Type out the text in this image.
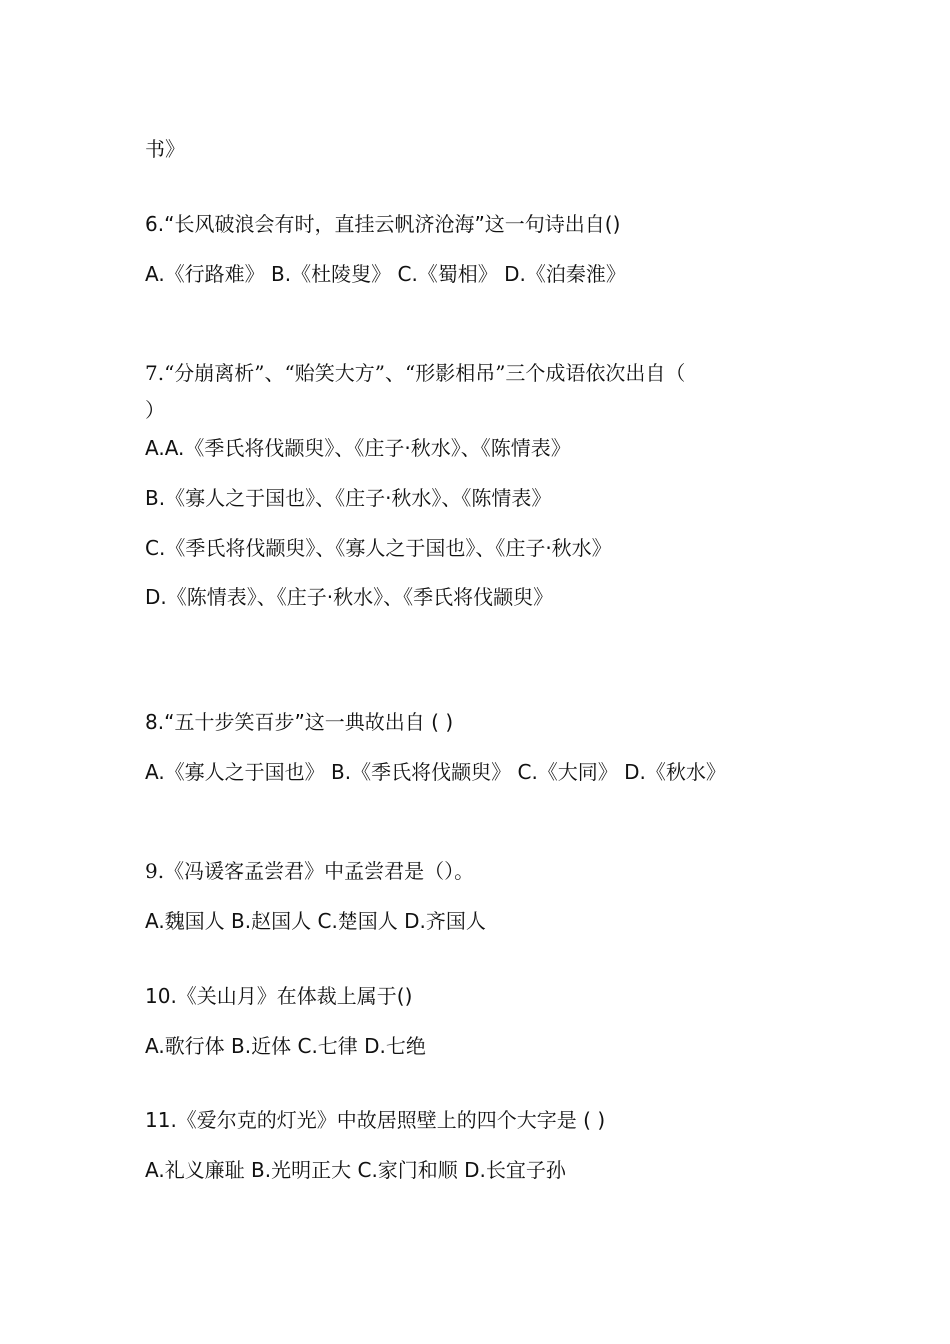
书》
6.“长风破浪会有时，直挂云帆济沧海”这一句诗出自()
A.《行路难》 B.《杜陵叟》 C.《蜀相》 D.《泊秦淮》
7.“分崩离析”、“贻笑大方”、“形影相吊”三个成语依次出自（
）
A.A.《季氏将伐颛臾》、《庄子·秋水》、《陈情表》
B.《寡人之于国也》、《庄子·秋水》、《陈情表》
C.《季氏将伐颛臾》、《寡人之于国也》、《庄子·秋水》
D.《陈情表》、《庄子·秋水》、《季氏将伐颛臾》
8.“五十步笑百步”这一典故出自 ( )
A.《寡人之于国也》 B.《季氏将伐颛臾》 C.《大同》 D.《秋水》
9.《冯谖客孟尝君》中孟尝君是（）。
A.魏国人 B.赵国人 C.楚国人 D.齐国人
10.《关山月》在体裁上属于()
A.歌行体 B.近体 C.七律 D.七绝
11.《爱尔克的灯光》中故居照壁上的四个大字是 ( )
A.礼义廉耻 B.光明正大 C.家门和顺 D.长宜子孙
